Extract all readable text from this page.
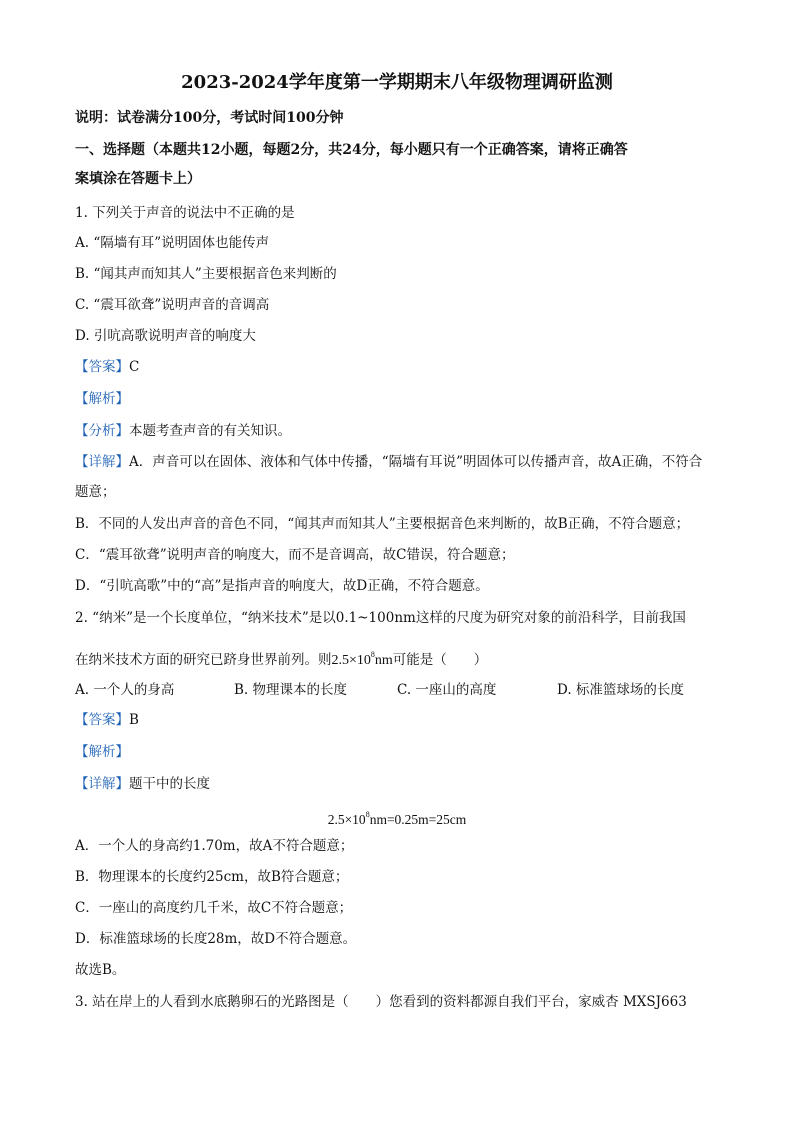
2023-2024学年度第一学期期末八年级物理调研监测
说明：试卷满分100分，考试时间100分钟
一、选择题（本题共12小题，每题2分，共24分，每小题只有一个正确答案，请将正确答
案填涂在答题卡上）
1. 下列关于声音的说法中不正确的是
A. “隔墙有耳”说明固体也能传声
B. “闻其声而知其人”主要根据音色来判断的
C. “震耳欲聋”说明声音的音调高
D. 引吭高歌说明声音的响度大
【答案】C
【解析】
【分析】本题考查声音的有关知识。
【详解】A．声音可以在固体、液体和气体中传播，“隔墙有耳说”明固体可以传播声音，故A正确，不符合
题意；
B．不同的人发出声音的音色不同，“闻其声而知其人”主要根据音色来判断的，故B正确，不符合题意；
C．“震耳欲聋”说明声音的响度大，而不是音调高，故C错误，符合题意；
D．“引吭高歌”中的“高”是指声音的响度大，故D正确，不符合题意。
2. “纳米”是一个长度单位，“纳米技术”是以0.1~100nm这样的尺度为研究对象的前沿科学，目前我国
在纳米技术方面的研究已跻身世界前列。则$2.5\times 10^8nm$可能是（　　）
A. 一个人的身高	B. 物理课本的长度	C. 一座山的高度	D. 标准篮球场的长度
【答案】B
【解析】
【详解】题干中的长度
$2.5\times 10^8nm=0.25m=25cm$
A．一个人的身高约1.70m，故A不符合题意；
B．物理课本的长度约25cm，故B符合题意；
C．一座山的高度约几千米，故C不符合题意；
D．标准篮球场的长度28m，故D不符合题意。
故选B。
3. 站在岸上的人看到水底鹅卵石的光路图是（　　）您看到的资料都源自我们平台，家威杏 MXSJ663
